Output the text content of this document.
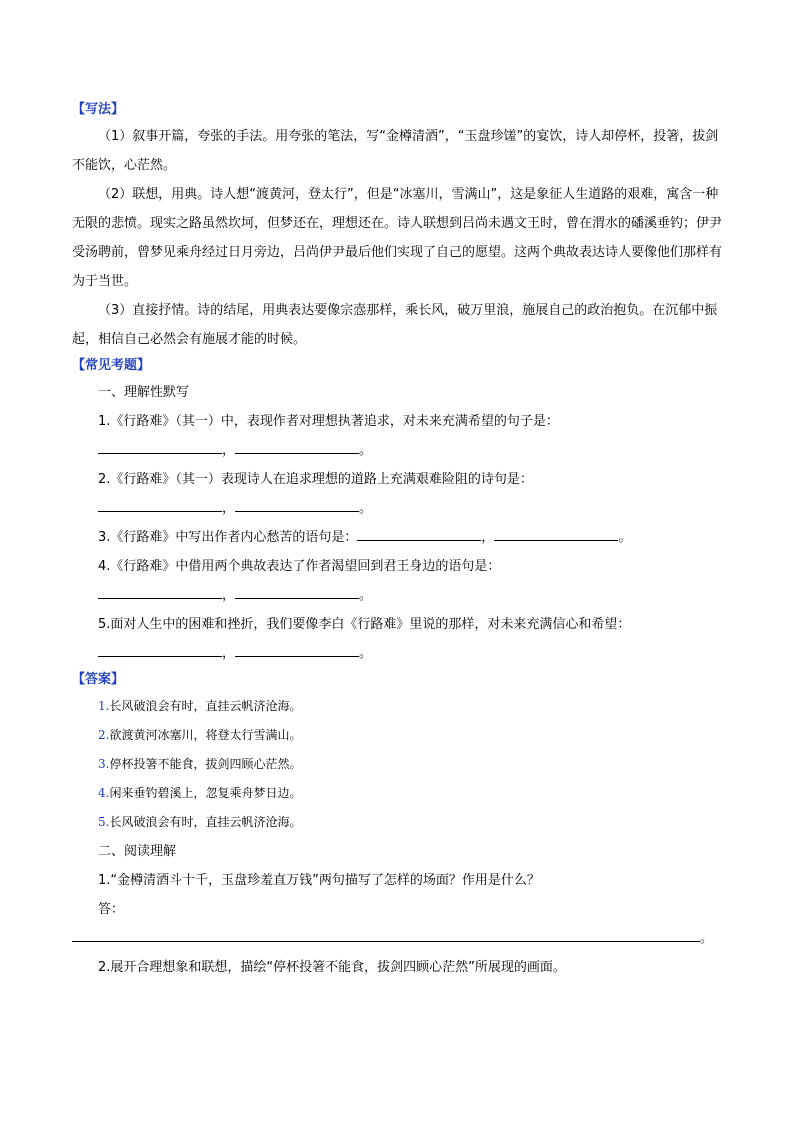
【写法】
（1）叙事开篇，夸张的手法。用夸张的笔法，写“金樽清酒”，“玉盘珍馐”的宴饮，诗人却停杯，投箸，拔剑不能饮，心茫然。
（2）联想，用典。诗人想“渡黄河，登太行”，但是“冰塞川，雪满山”，这是象征人生道路的艰难，寓含一种无限的悲愤。现实之路虽然坎坷，但梦还在，理想还在。诗人联想到吕尚未遇文王时，曾在渭水的磻溪垂钓；伊尹受汤聘前，曾梦见乘舟经过日月旁边，吕尚伊尹最后他们实现了自己的愿望。这两个典故表达诗人要像他们那样有为于当世。
（3）直接抒情。诗的结尾，用典表达要像宗悫那样，乘长风，破万里浪，施展自己的政治抱负。在沉郁中振起，相信自己必然会有施展才能的时候。
【常见考题】
一、理解性默写
1.《行路难》（其一）中，表现作者对理想执著追求，对未来充满希望的句子是：
，	。
2.《行路难》（其一）表现诗人在追求理想的道路上充满艰难险阻的诗句是：
，	。
3.《行路难》中写出作者内心愁苦的语句是：	，	。
4.《行路难》中借用两个典故表达了作者渴望回到君王身边的语句是：
，	。
5.面对人生中的困难和挫折，我们要像李白《行路难》里说的那样，对未来充满信心和希望：
，	。
【答案】
1.长风破浪会有时，直挂云帆济沧海。
2.欲渡黄河冰塞川，将登太行雪满山。
3.停杯投箸不能食，拔剑四顾心茫然。
4.闲来垂钓碧溪上，忽复乘舟梦日边。
5.长风破浪会有时，直挂云帆济沧海。
二、阅读理解
1.“金樽清酒斗十千，玉盘珍羞直万钱”两句描写了怎样的场面？作用是什么？
答：
。
2.展开合理想象和联想，描绘“停杯投箸不能食，拔剑四顾心茫然”所展现的画面。
